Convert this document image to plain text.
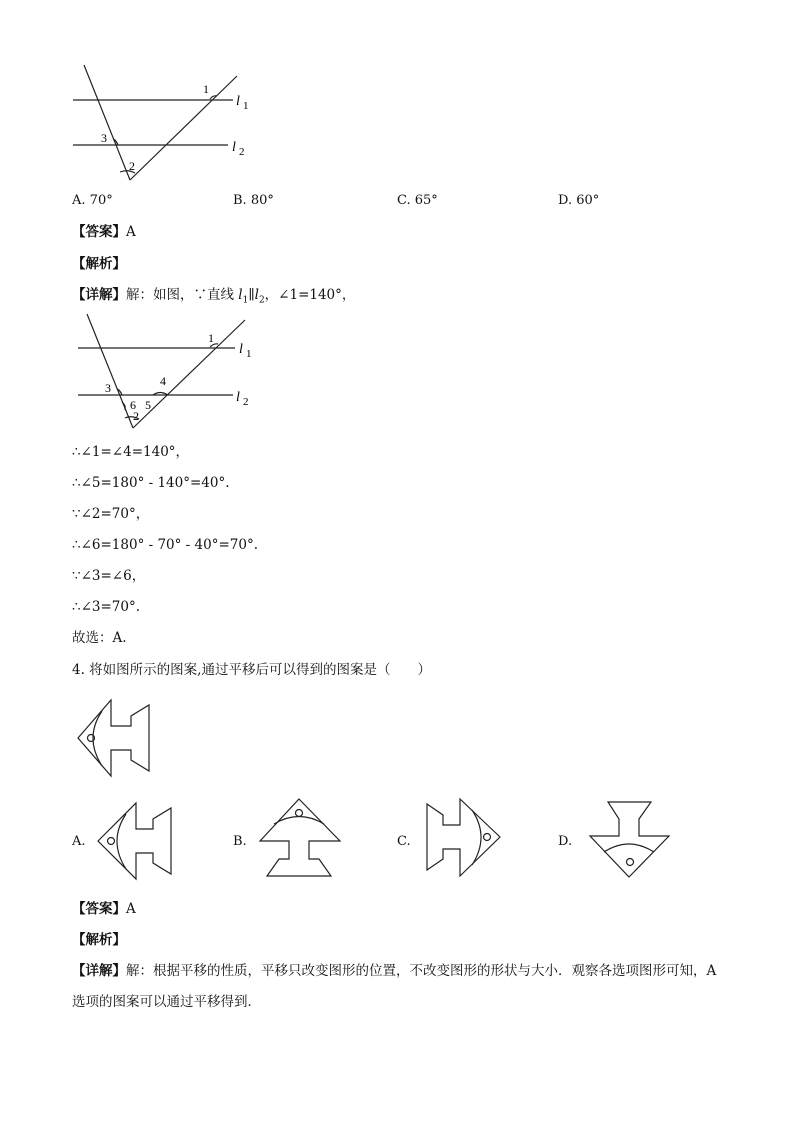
1
2
3
l 1
l 2
A. 70°	B. 80°	C. 65°	D. 60°
【答案】A
【解析】
【详解】解：如图，∵直线 $l_1\parallel l_2$，∠1=140°，
1
2
3	4
5
6
l 1
l 2
∴∠1=∠4=140°，
∴∠5=180° - 140°=40°.
∵∠2=70°，
∴∠6=180° - 70° - 40°=70°.
∵∠3=∠6，
∴∠3=70°.
故选：A.
4. 将如图所示的图案,通过平移后可以得到的图案是（　　）
A.	B.	C.	D.
【答案】A
【解析】
【详解】解：根据平移的性质，平移只改变图形的位置，不改变图形的形状与大小．观察各选项图形可知，A
选项的图案可以通过平移得到．
